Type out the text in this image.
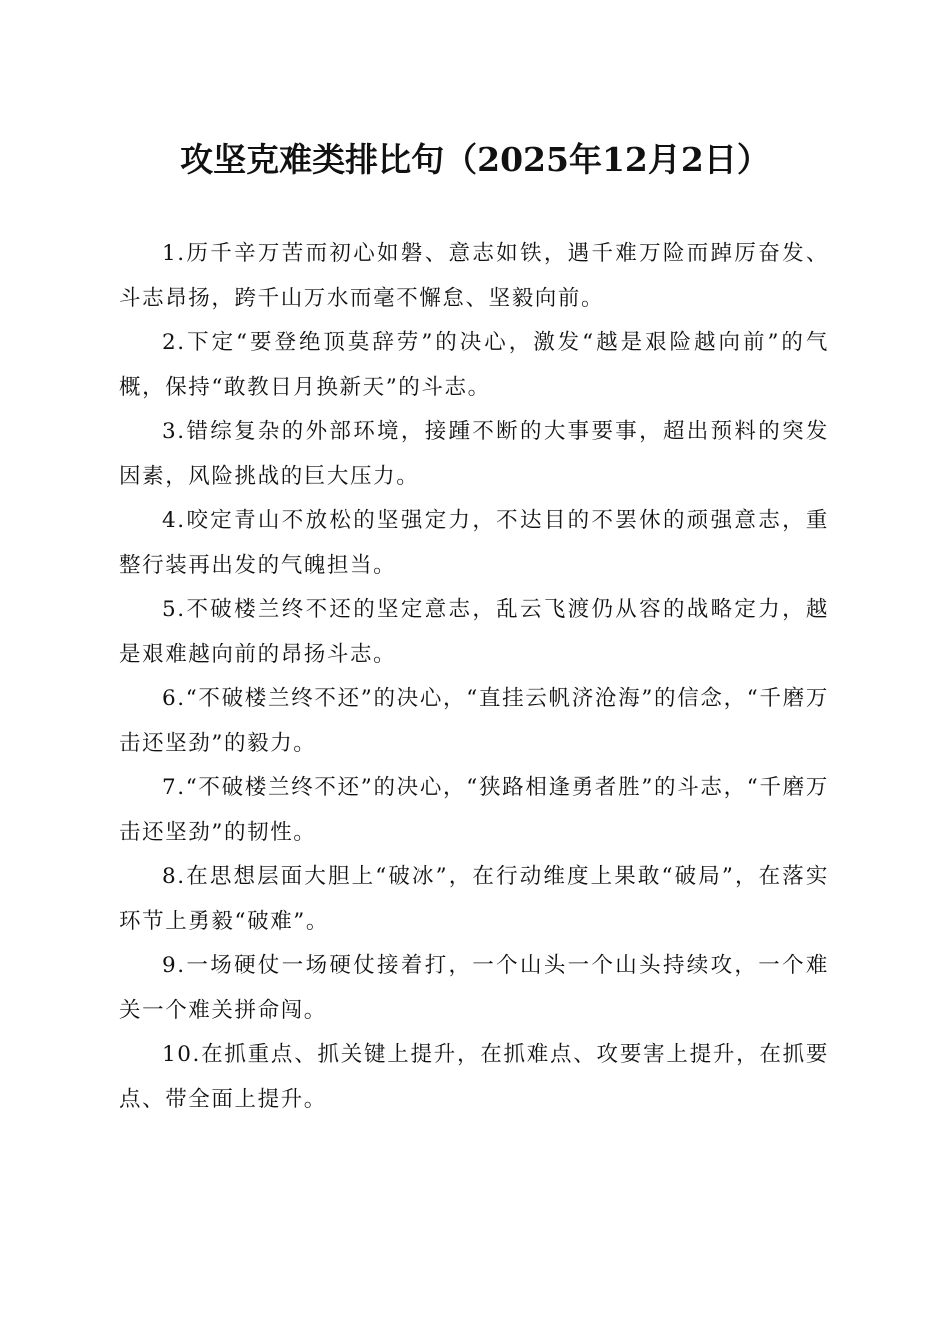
攻坚克难类排比句（2025年12月2日）

1.历千辛万苦而初心如磐、意志如铁，遇千难万险而踔厉奋发、斗志昂扬，跨千山万水而毫不懈怠、坚毅向前。

2.下定“要登绝顶莫辞劳”的决心，激发“越是艰险越向前”的气概，保持“敢教日月换新天”的斗志。

3.错综复杂的外部环境，接踵不断的大事要事，超出预料的突发因素，风险挑战的巨大压力。

4.咬定青山不放松的坚强定力，不达目的不罢休的顽强意志，重整行装再出发的气魄担当。

5.不破楼兰终不还的坚定意志，乱云飞渡仍从容的战略定力，越是艰难越向前的昂扬斗志。

6.“不破楼兰终不还”的决心，“直挂云帆济沧海”的信念，“千磨万击还坚劲”的毅力。

7.“不破楼兰终不还”的决心，“狭路相逢勇者胜”的斗志，“千磨万击还坚劲”的韧性。

8.在思想层面大胆上“破冰”，在行动维度上果敢“破局”，在落实环节上勇毅“破难”。

9.一场硬仗一场硬仗接着打，一个山头一个山头持续攻，一个难关一个难关拼命闯。

10.在抓重点、抓关键上提升，在抓难点、攻要害上提升，在抓要点、带全面上提升。
